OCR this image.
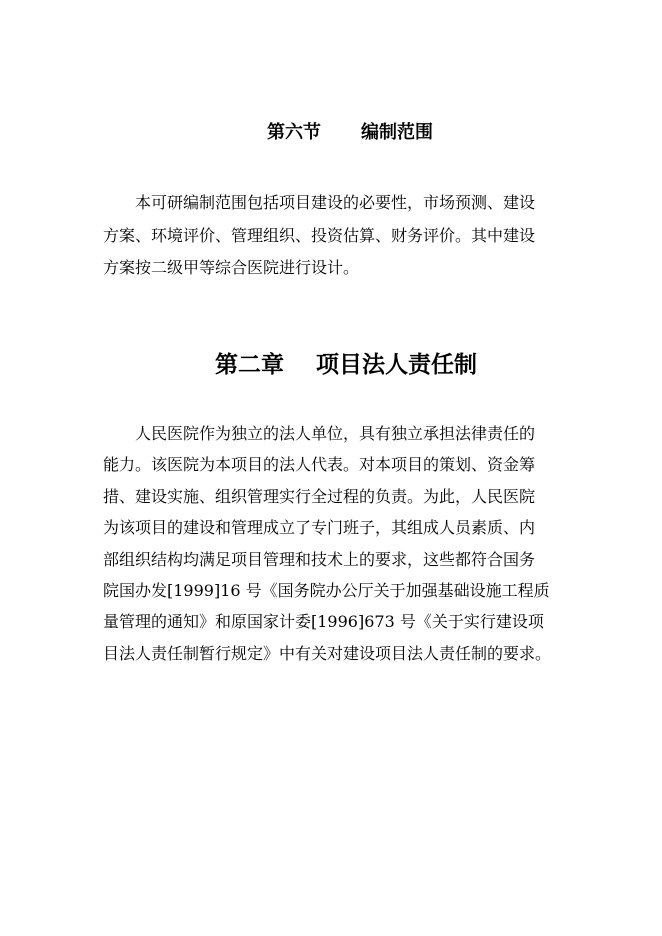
第六节 编制范围

本可研编制范围包括项目建设的必要性，市场预测、建设
方案、环境评价、管理组织、投资估算、财务评价。其中建设
方案按二级甲等综合医院进行设计。

第二章 项目法人责任制

人民医院作为独立的法人单位，具有独立承担法律责任的
能力。该医院为本项目的法人代表。对本项目的策划、资金筹
措、建设实施、组织管理实行全过程的负责。为此，人民医院
为该项目的建设和管理成立了专门班子，其组成人员素质、内
部组织结构均满足项目管理和技术上的要求，这些都符合国务
院国办发[1999]16 号《国务院办公厅关于加强基础设施工程质
量管理的通知》和原国家计委[1996]673 号《关于实行建设项
目法人责任制暂行规定》中有关对建设项目法人责任制的要求。
